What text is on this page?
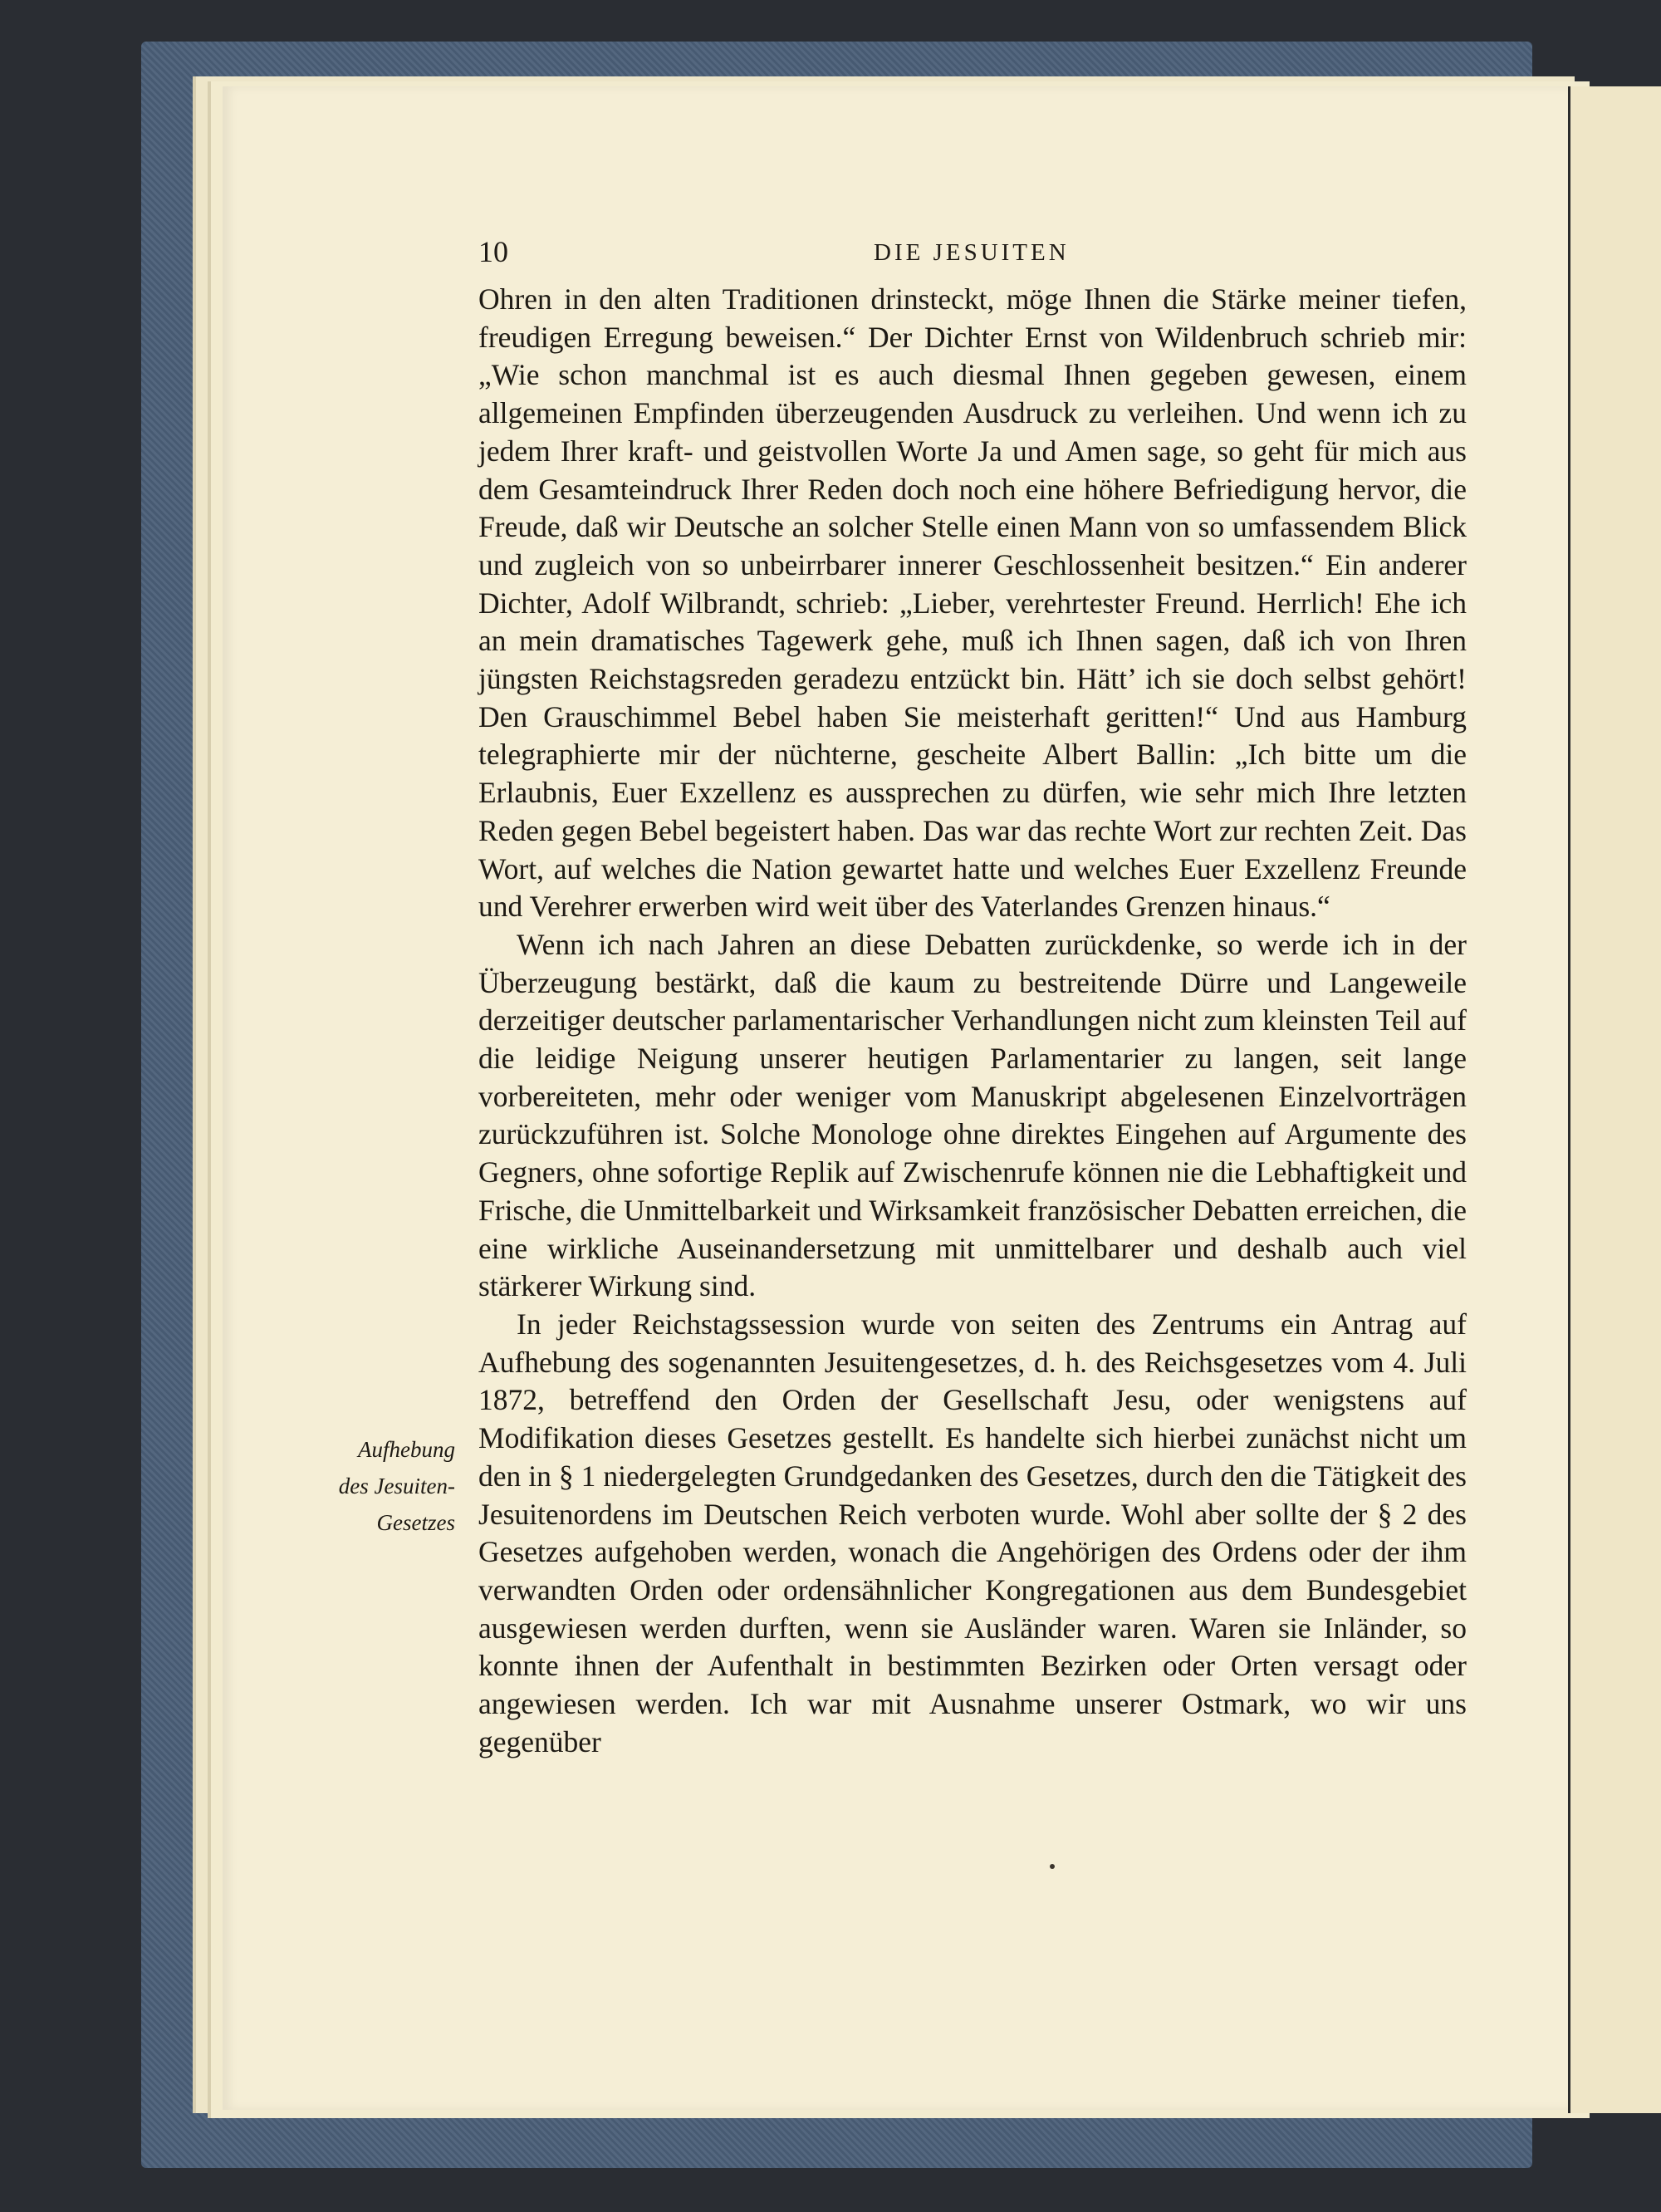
10	DIE JESUITEN

Ohren in den alten Traditionen drinsteckt, möge Ihnen die Stärke meiner tiefen, freudigen Erregung beweisen.“ Der Dichter Ernst von Wildenbruch schrieb mir: „Wie schon manchmal ist es auch diesmal Ihnen gegeben gewesen, einem allgemeinen Empfinden überzeugenden Ausdruck zu verleihen. Und wenn ich zu jedem Ihrer kraft- und geistvollen Worte Ja und Amen sage, so geht für mich aus dem Gesamteindruck Ihrer Reden doch noch eine höhere Befriedigung hervor, die Freude, daß wir Deutsche an solcher Stelle einen Mann von so umfassendem Blick und zugleich von so unbeirrbarer innerer Geschlossenheit besitzen.“ Ein anderer Dichter, Adolf Wilbrandt, schrieb: „Lieber, verehrtester Freund. Herrlich! Ehe ich an mein dramatisches Tagewerk gehe, muß ich Ihnen sagen, daß ich von Ihren jüngsten Reichstagsreden geradezu entzückt bin. Hätt’ ich sie doch selbst gehört! Den Grauschimmel Bebel haben Sie meisterhaft geritten!“ Und aus Hamburg telegraphierte mir der nüchterne, gescheite Albert Ballin: „Ich bitte um die Erlaubnis, Euer Exzellenz es aussprechen zu dürfen, wie sehr mich Ihre letzten Reden gegen Bebel begeistert haben. Das war das rechte Wort zur rechten Zeit. Das Wort, auf welches die Nation gewartet hatte und welches Euer Exzellenz Freunde und Verehrer erwerben wird weit über des Vaterlandes Grenzen hinaus.“

Wenn ich nach Jahren an diese Debatten zurückdenke, so werde ich in der Überzeugung bestärkt, daß die kaum zu bestreitende Dürre und Langeweile derzeitiger deutscher parlamentarischer Verhandlungen nicht zum kleinsten Teil auf die leidige Neigung unserer heutigen Parlamentarier zu langen, seit lange vorbereiteten, mehr oder weniger vom Manuskript abgelesenen Einzelvorträgen zurückzuführen ist. Solche Monologe ohne direktes Eingehen auf Argumente des Gegners, ohne sofortige Replik auf Zwischenrufe können nie die Lebhaftigkeit und Frische, die Unmittelbarkeit und Wirksamkeit französischer Debatten erreichen, die eine wirkliche Auseinandersetzung mit unmittelbarer und deshalb auch viel stärkerer Wirkung sind.

In jeder Reichstagssession wurde von seiten des Zentrums ein Antrag auf Aufhebung des sogenannten Jesuitengesetzes, d. h. des Reichsgesetzes vom 4. Juli 1872, betreffend den Orden der Gesellschaft Jesu, oder wenigstens auf Modifikation dieses Gesetzes gestellt. Es handelte sich hierbei zunächst nicht um den in § 1 niedergelegten Grundgedanken des Gesetzes, durch den die Tätigkeit des Jesuitenordens im Deutschen Reich verboten wurde. Wohl aber sollte der § 2 des Gesetzes aufgehoben werden, wonach die Angehörigen des Ordens oder der ihm verwandten Orden oder ordensähnlicher Kongregationen aus dem Bundesgebiet ausgewiesen werden durften, wenn sie Ausländer waren. Waren sie Inländer, so konnte ihnen der Aufenthalt in bestimmten Bezirken oder Orten versagt oder angewiesen werden. Ich war mit Ausnahme unserer Ostmark, wo wir uns gegenüber

Aufhebung
des Jesuiten-
Gesetzes
